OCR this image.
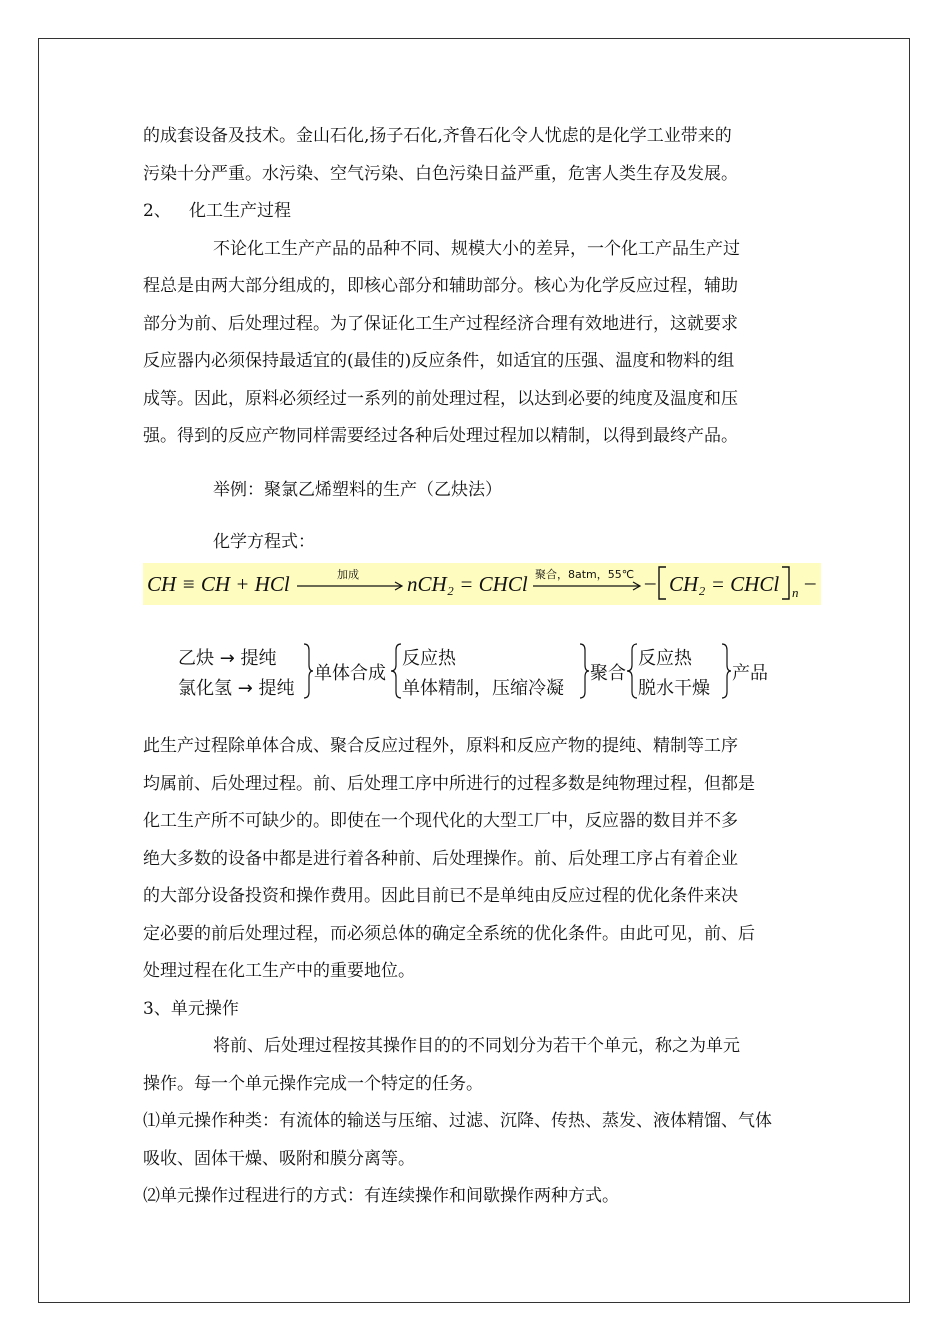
的成套设备及技术。金山石化,扬子石化,齐鲁石化令人忧虑的是化学工业带来的

污染十分严重。水污染、空气污染、白色污染日益严重，危害人类生存及发展。

2、 化工生产过程

不论化工生产产品的品种不同、规模大小的差异，一个化工产品生产过

程总是由两大部分组成的，即核心部分和辅助部分。核心为化学反应过程，辅助

部分为前、后处理过程。为了保证化工生产过程经济合理有效地进行，这就要求

反应器内必须保持最适宜的(最佳的)反应条件，如适宜的压强、温度和物料的组

成等。因此，原料必须经过一系列的前处理过程，以达到必要的纯度及温度和压

强。得到的反应产物同样需要经过各种后处理过程加以精制，以得到最终产品。

举例：聚氯乙烯塑料的生产（乙炔法）

化学方程式：

CH ≡ CH + HCl	加成 nCH₂ = CHCl 聚合，8atm，55℃ – CH₂ = CHCl n –
乙炔 → 提纯
氯化氢 → 提纯
单体合成
反应热
单体精制，压缩冷凝
聚合
反应热
脱水干燥
产品

此生产过程除单体合成、聚合反应过程外，原料和反应产物的提纯、精制等工序

均属前、后处理过程。前、后处理工序中所进行的过程多数是纯物理过程，但都是

化工生产所不可缺少的。即使在一个现代化的大型工厂中，反应器的数目并不多

绝大多数的设备中都是进行着各种前、后处理操作。前、后处理工序占有着企业

的大部分设备投资和操作费用。因此目前已不是单纯由反应过程的优化条件来决

定必要的前后处理过程，而必须总体的确定全系统的优化条件。由此可见，前、后

处理过程在化工生产中的重要地位。

3、单元操作

将前、后处理过程按其操作目的的不同划分为若干个单元，称之为单元

操作。每一个单元操作完成一个特定的任务。

⑴单元操作种类：有流体的输送与压缩、过滤、沉降、传热、蒸发、液体精馏、气体

吸收、固体干燥、吸附和膜分离等。

⑵单元操作过程进行的方式：有连续操作和间歇操作两种方式。
